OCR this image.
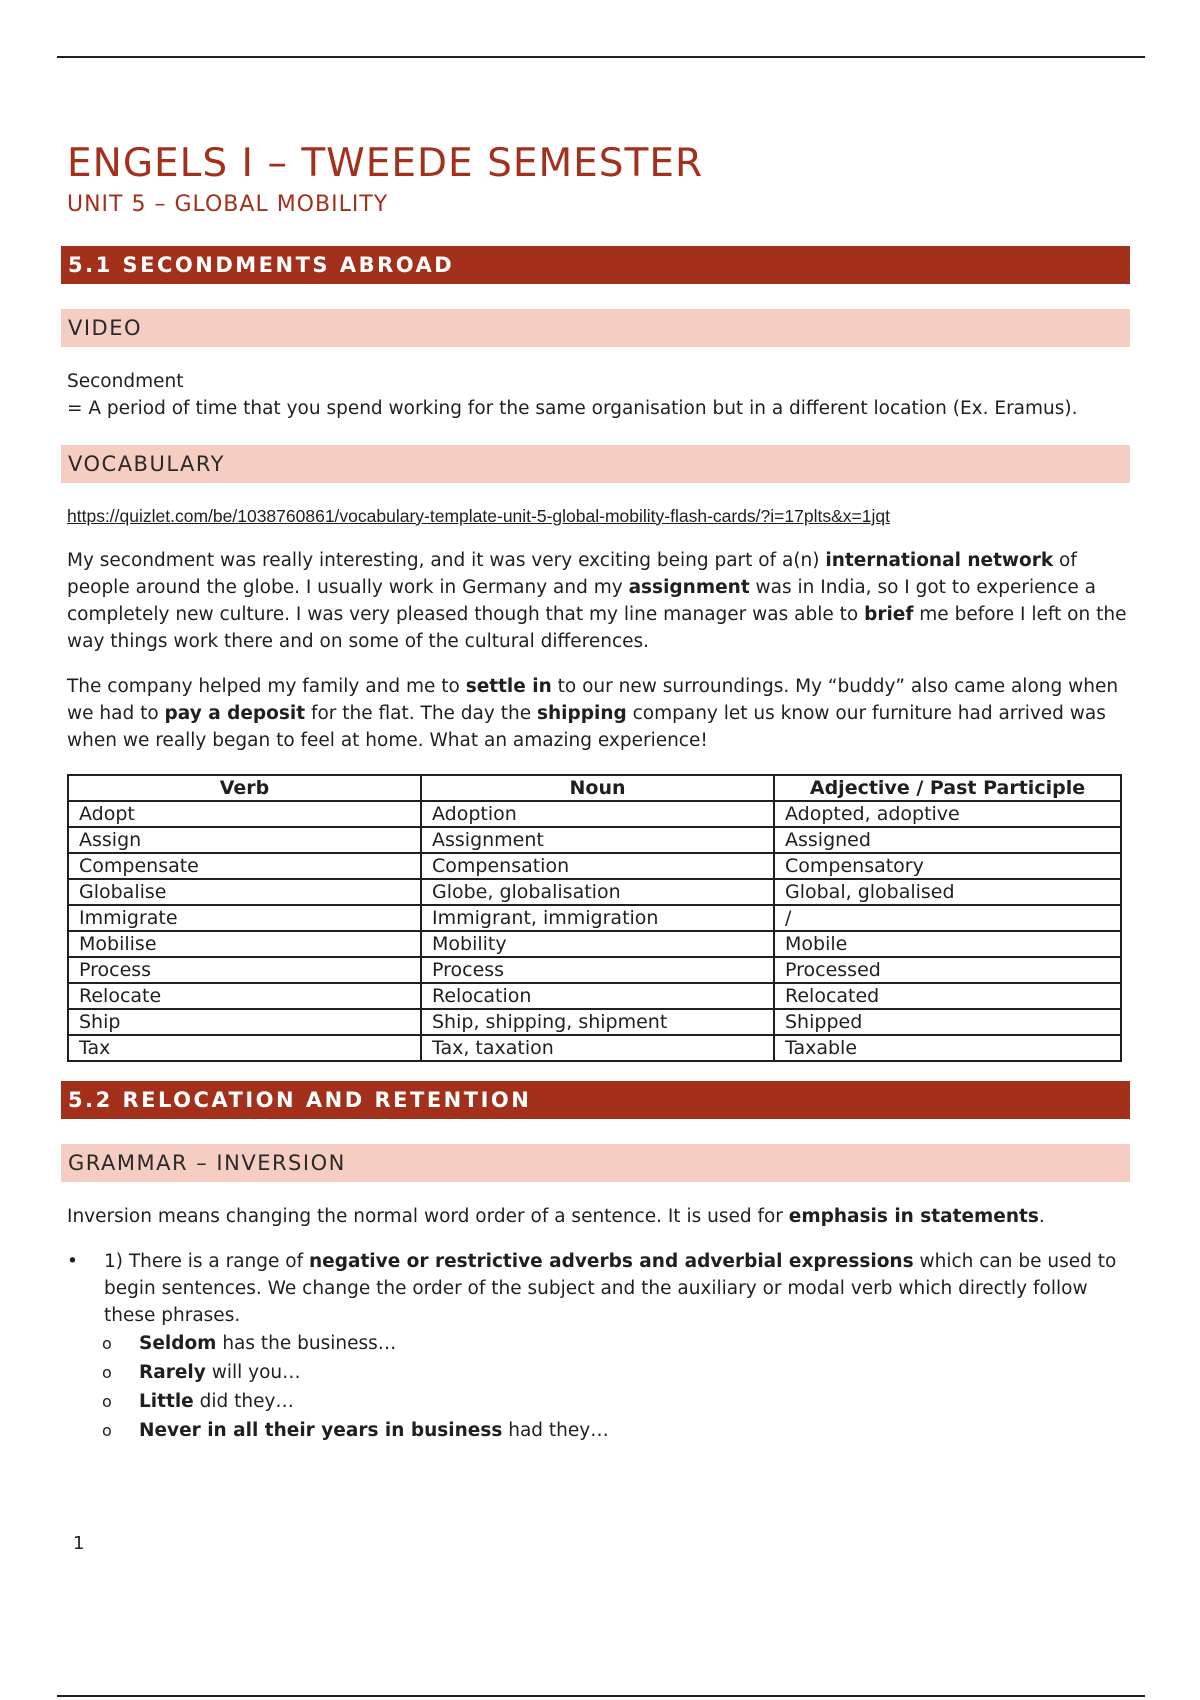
ENGELS I – TWEEDE SEMESTER
UNIT 5 – GLOBAL MOBILITY
5.1 SECONDMENTS ABROAD
VIDEO

Secondment

= A period of time that you spend working for the same organisation but in a different location (Ex. Eramus).

VOCABULARY

https://quizlet.com/be/1038760861/vocabulary-template-unit-5-global-mobility-flash-cards/?i=17plts&x=1jqt

My secondment was really interesting, and it was very exciting being part of a(n) international network of people around the globe. I usually work in Germany and my assignment was in India, so I got to experience a completely new culture. I was very pleased though that my line manager was able to brief me before I left on the way things work there and on some of the cultural differences.

The company helped my family and me to settle in to our new surroundings. My “buddy” also came along when we had to pay a deposit for the flat. The day the shipping company let us know our furniture had arrived was when we really began to feel at home. What an amazing experience!

Verb	Noun	Adjective / Past Participle
Adopt	Adoption	Adopted, adoptive
Assign	Assignment	Assigned
Compensate	Compensation	Compensatory
Globalise	Globe, globalisation	Global, globalised
Immigrate	Immigrant, immigration	/
Mobilise	Mobility	Mobile
Process	Process	Processed
Relocate	Relocation	Relocated
Ship	Ship, shipping, shipment	Shipped
Tax	Tax, taxation	Taxable
5.2 RELOCATION AND RETENTION
GRAMMAR – INVERSION

Inversion means changing the normal word order of a sentence. It is used for emphasis in statements.

• 1) There is a range of negative or restrictive adverbs and adverbial expressions which can be used to begin sentences. We change the order of the subject and the auxiliary or modal verb which directly follow these phrases.
o Seldom has the business…
o Rarely will you…
o Little did they…
o Never in all their years in business had they…
1
